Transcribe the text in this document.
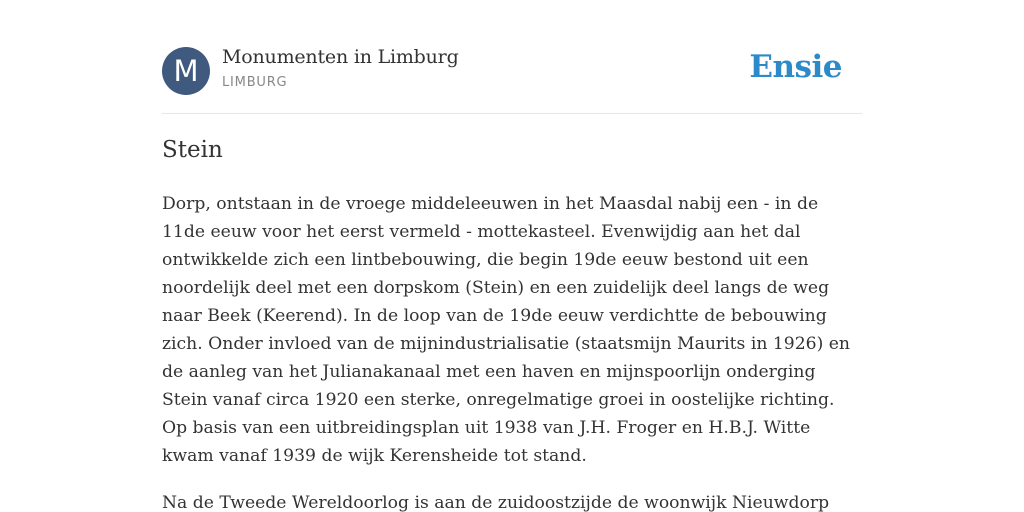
M	Monumenten in Limburg
LIMBURG	Ensie
Stein

Dorp, ontstaan in de vroege middeleeuwen in het Maasdal nabij een - in de 11de eeuw voor het eerst vermeld - mottekasteel. Evenwijdig aan het dal ontwikkelde zich een lintbebouwing, die begin 19de eeuw bestond uit een noordelijk deel met een dorpskom (Stein) en een zuidelijk deel langs de weg naar Beek (Keerend). In de loop van de 19de eeuw verdichtte de bebouwing zich. Onder invloed van de mijnindustrialisatie (staatsmijn Maurits in 1926) en de aanleg van het Julianakanaal met een haven en mijnspoorlijn onderging Stein vanaf circa 1920 een sterke, onregelmatige groei in oostelijke richting. Op basis van een uitbreidingsplan uit 1938 van J.H. Froger en H.B.J. Witte kwam vanaf 1939 de wijk Kerensheide tot stand.

Na de Tweede Wereldoorlog is aan de zuidoostzijde de woonwijk Nieuwdorp
